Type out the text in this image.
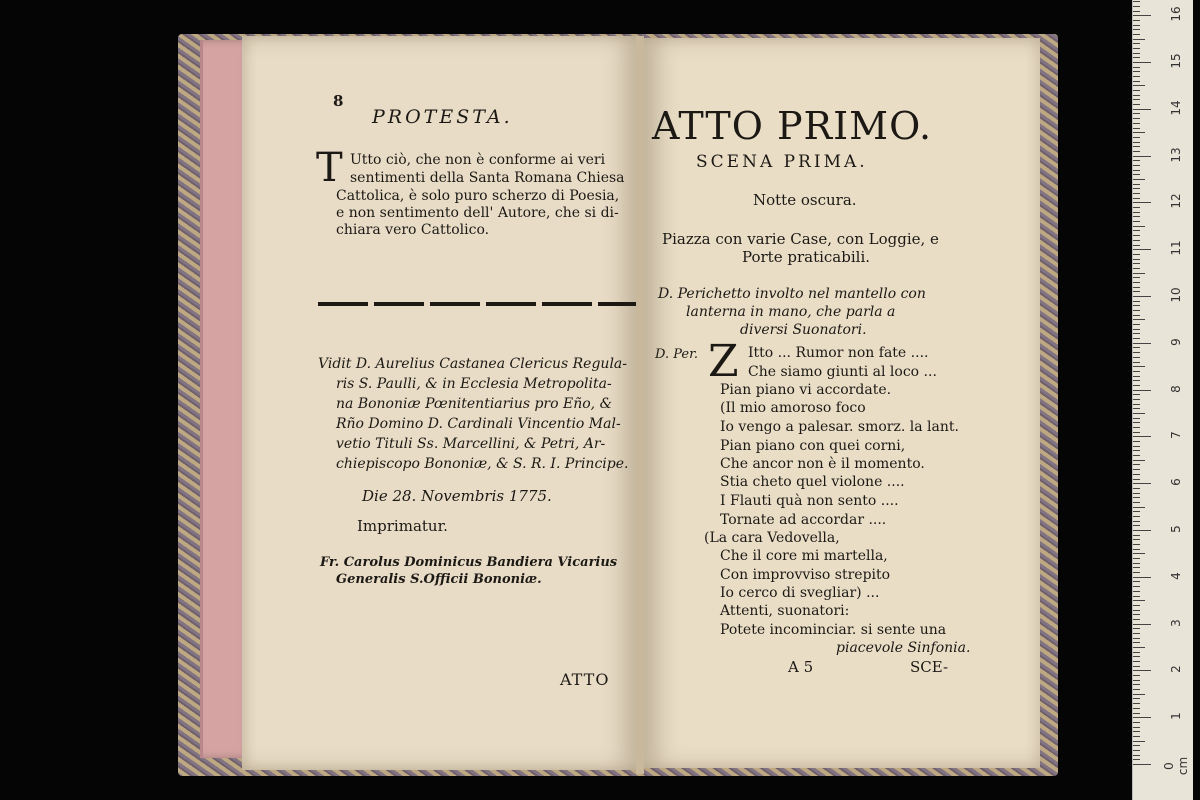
8
PROTESTA.
T Utto ciò, che non è conforme ai veri
sentimenti della Santa Romana Chiesa
Cattolica, è solo puro scherzo di Poesia,
e non sentimento dell' Autore, che si di-
chiara vero Cattolico.
Vidit D. Aurelius Castanea Clericus Regula-
ris S. Paulli, & in Ecclesia Metropolita-
na Bononiæ Pœnitentiarius pro Eño, &
Rño Domino D. Cardinali Vincentio Mal-
vetio Tituli Ss. Marcellini, & Petri, Ar-
chiepiscopo Bononiæ, & S. R. I. Principe.
Die 28. Novembris 1775.
Imprimatur.
Fr. Carolus Dominicus Bandiera Vicarius
Generalis S.Officii Bononiæ.
ATTO
ATTO PRIMO.
SCENA PRIMA.
Notte oscura.
Piazza con varie Case, con Loggie, e
Porte praticabili.
D. Perichetto involto nel mantello con
lanterna in mano, che parla a
diversi Suonatori.
D. Per. Z Itto ... Rumor non fate ....
Che siamo giunti al loco ...
Pian piano vi accordate.
(Il mio amoroso foco
Io vengo a palesar. smorz. la lant.
Pian piano con quei corni,
Che ancor non è il momento.
Stia cheto quel violone ....
I Flauti quà non sento ....
Tornate ad accordar ....
(La cara Vedovella,
Che il core mi martella,
Con improvviso strepito
Io cerco di svegliar) ...
Attenti, suonatori:
Potete incominciar. si sente una
piacevole Sinfonia.
A 5	SCE-
1
2
3
4
5
6
7
8
9
10
11
12
13
14
15
16
0 cm
